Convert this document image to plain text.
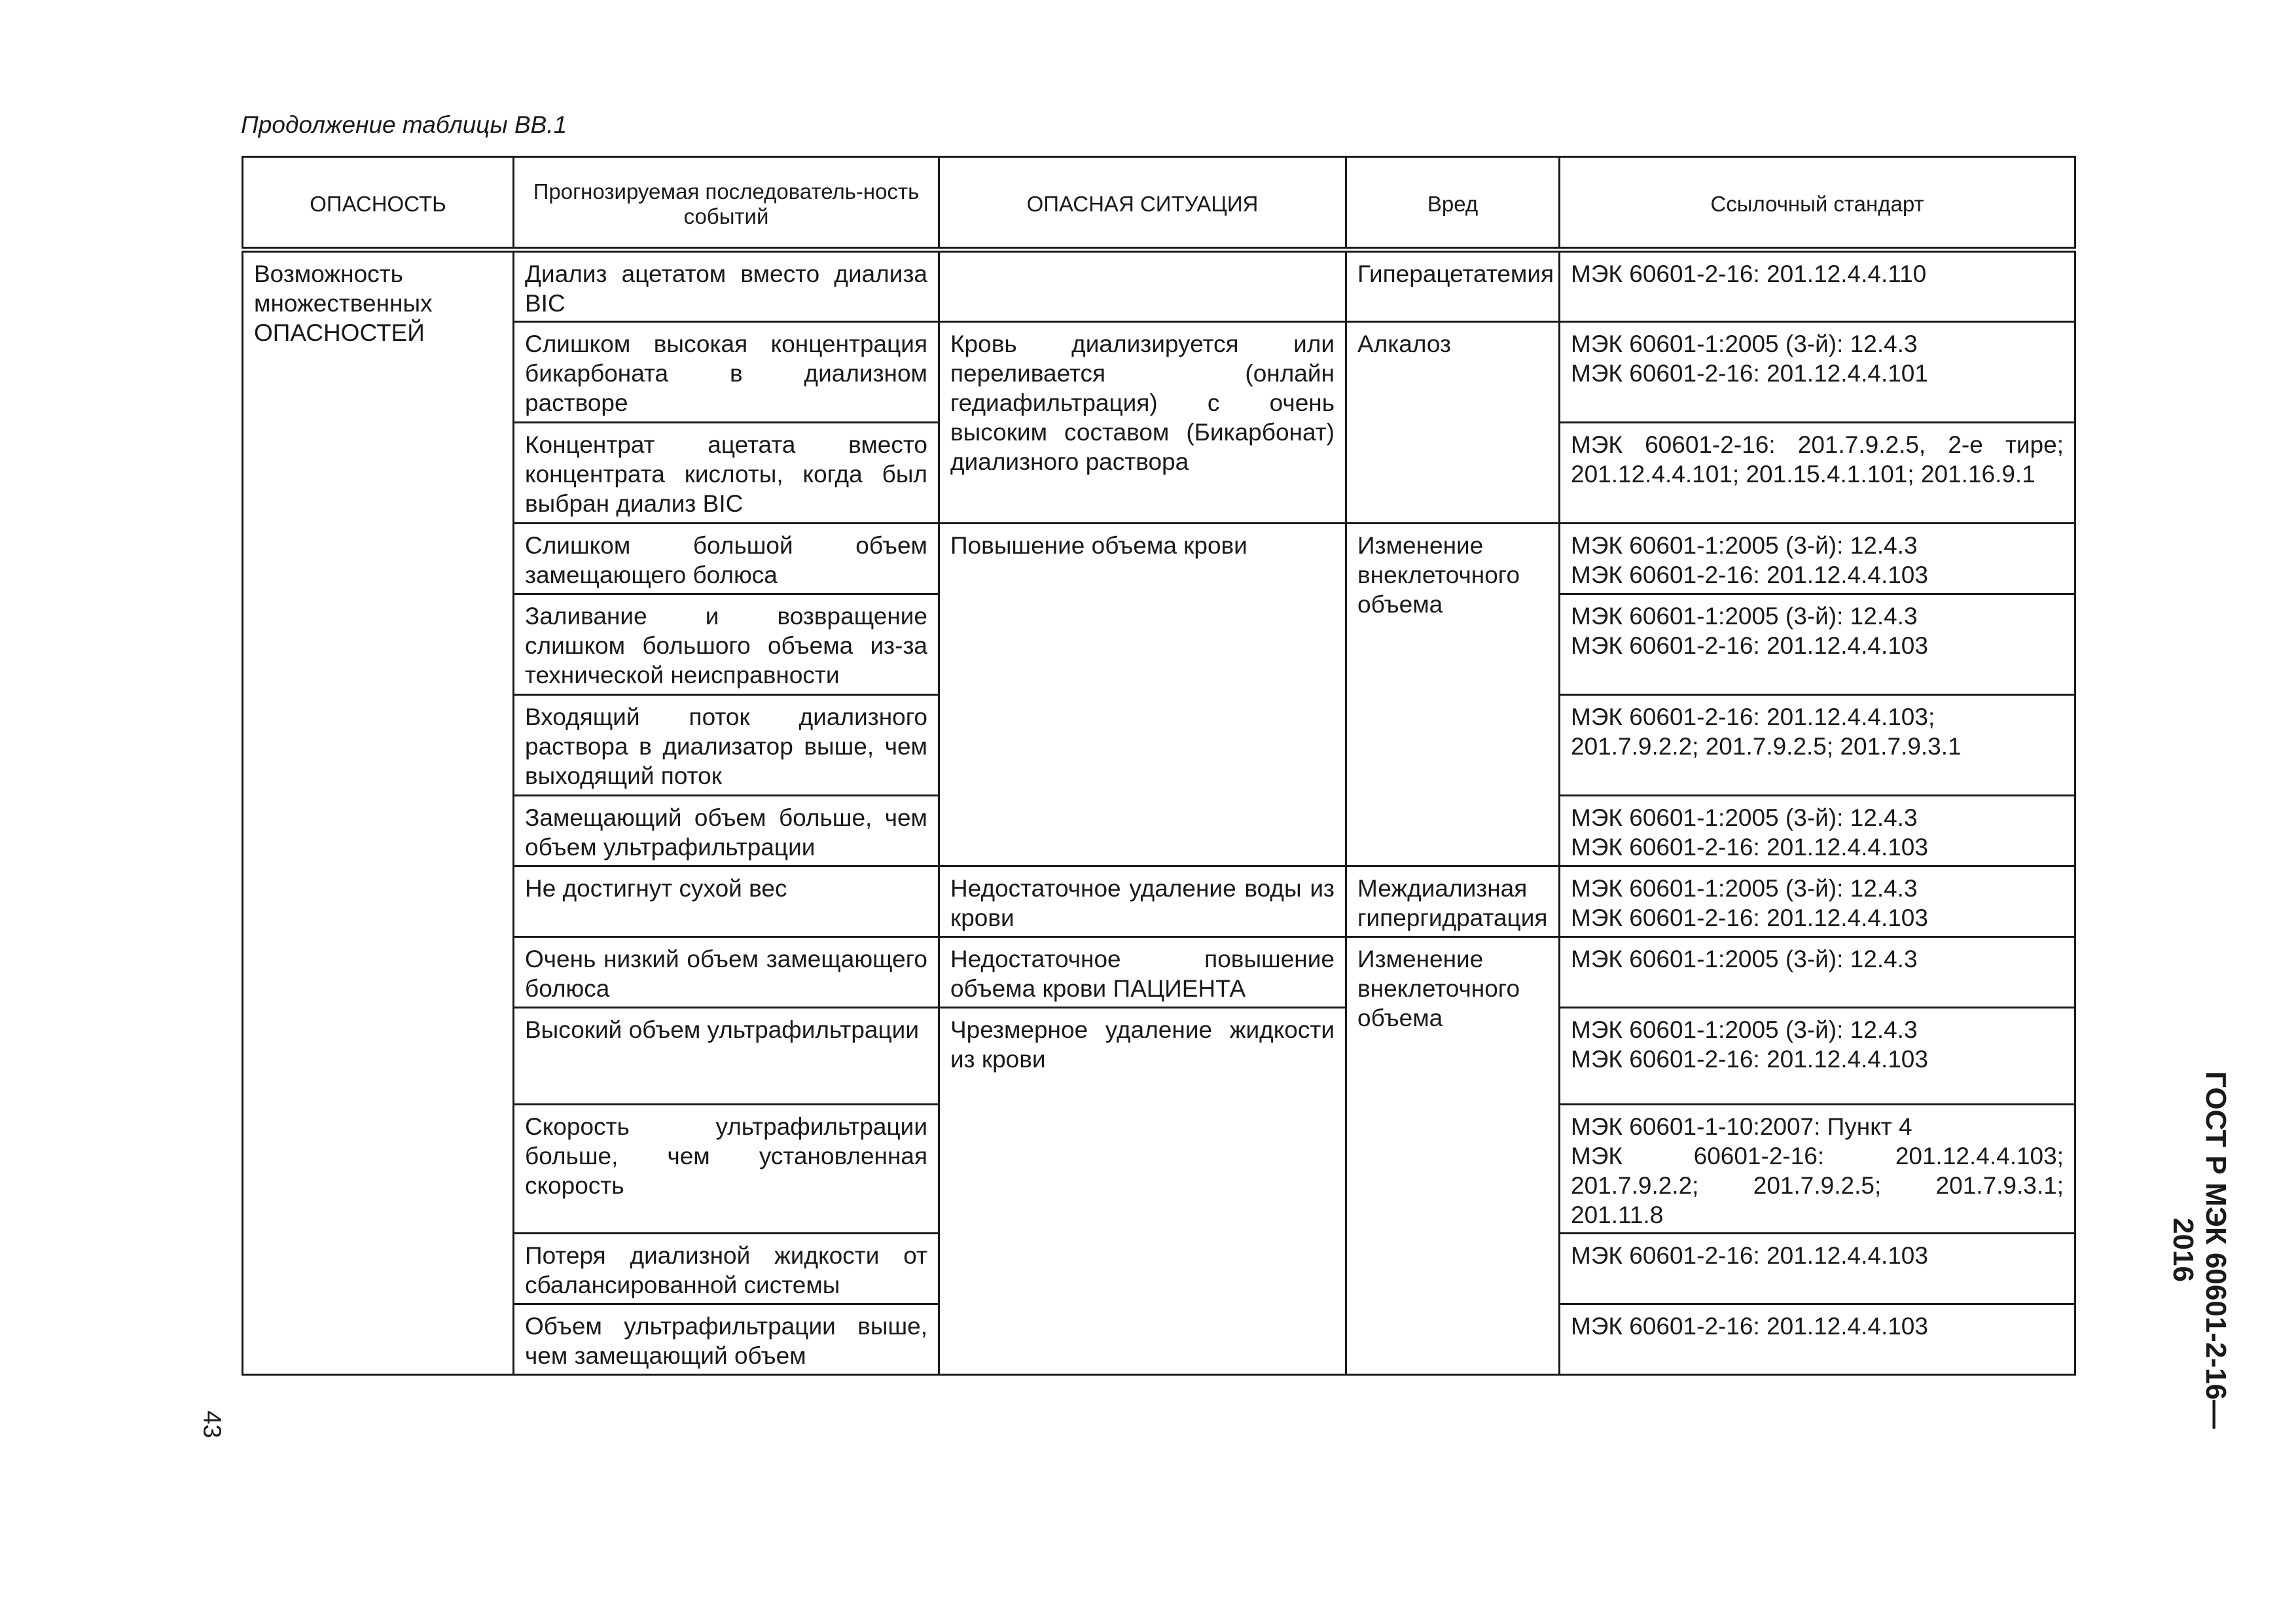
Продолжение таблицы ВВ.1
ОПАСНОСТЬ	Прогнозируемая последователь-ность событий	ОПАСНАЯ СИТУАЦИЯ	Вред	Ссылочный стандарт
Возможность множественных ОПАСНОСТЕЙ	Диализ ацетатом вместо диализа BIC		Гиперацетатемия	МЭК 60601-2-16: 201.12.4.4.110
	Слишком высокая концентрация бикарбоната в диализном растворе	Кровь диализируется или переливается (онлайн гедиафильтрация) с очень высоким составом (Бикарбонат) диализного раствора	Алкалоз	МЭК 60601-1:2005 (3-й): 12.4.3
МЭК 60601-2-16: 201.12.4.4.101
	Концентрат ацетата вместо концентрата кислоты, когда был выбран диализ BIC			МЭК 60601-2-16: 201.7.9.2.5, 2-е тире; 201.12.4.4.101; 201.15.4.1.101; 201.16.9.1
	Слишком большой объем замещающего болюса	Повышение объема крови	Изменение внеклеточного объема	МЭК 60601-1:2005 (3-й): 12.4.3
МЭК 60601-2-16: 201.12.4.4.103
	Заливание и возвращение слишком большого объема из-за технической неисправности			МЭК 60601-1:2005 (3-й): 12.4.3
МЭК 60601-2-16: 201.12.4.4.103
	Входящий поток диализного раствора в диализатор выше, чем выходящий поток			МЭК 60601-2-16: 201.12.4.4.103;
201.7.9.2.2; 201.7.9.2.5; 201.7.9.3.1
	Замещающий объем больше, чем объем ультрафильтрации			МЭК 60601-1:2005 (3-й): 12.4.3
МЭК 60601-2-16: 201.12.4.4.103
	Не достигнут сухой вес	Недостаточное удаление воды из крови	Междиализная гипергидратация	МЭК 60601-1:2005 (3-й): 12.4.3
МЭК 60601-2-16: 201.12.4.4.103
	Очень низкий объем замещающего болюса	Недостаточное повышение объема крови ПАЦИЕНТА	Изменение внеклеточного объема	МЭК 60601-1:2005 (3-й): 12.4.3
	Высокий объем ультрафильтрации	Чрезмерное удаление жидкости из крови		МЭК 60601-1:2005 (3-й): 12.4.3
МЭК 60601-2-16: 201.12.4.4.103
	Скорость ультрафильтрации больше, чем установленная скорость			МЭК 60601-1-10:2007: Пункт 4
МЭК 60601-2-16: 201.12.4.4.103; 201.7.9.2.2; 201.7.9.2.5; 201.7.9.3.1; 201.11.8
	Потеря диализной жидкости от сбалансированной системы			МЭК 60601-2-16: 201.12.4.4.103
	Объем ультрафильтрации выше, чем замещающий объем			МЭК 60601-2-16: 201.12.4.4.103
43	ГОСТ Р МЭК 60601-2-16—2016
